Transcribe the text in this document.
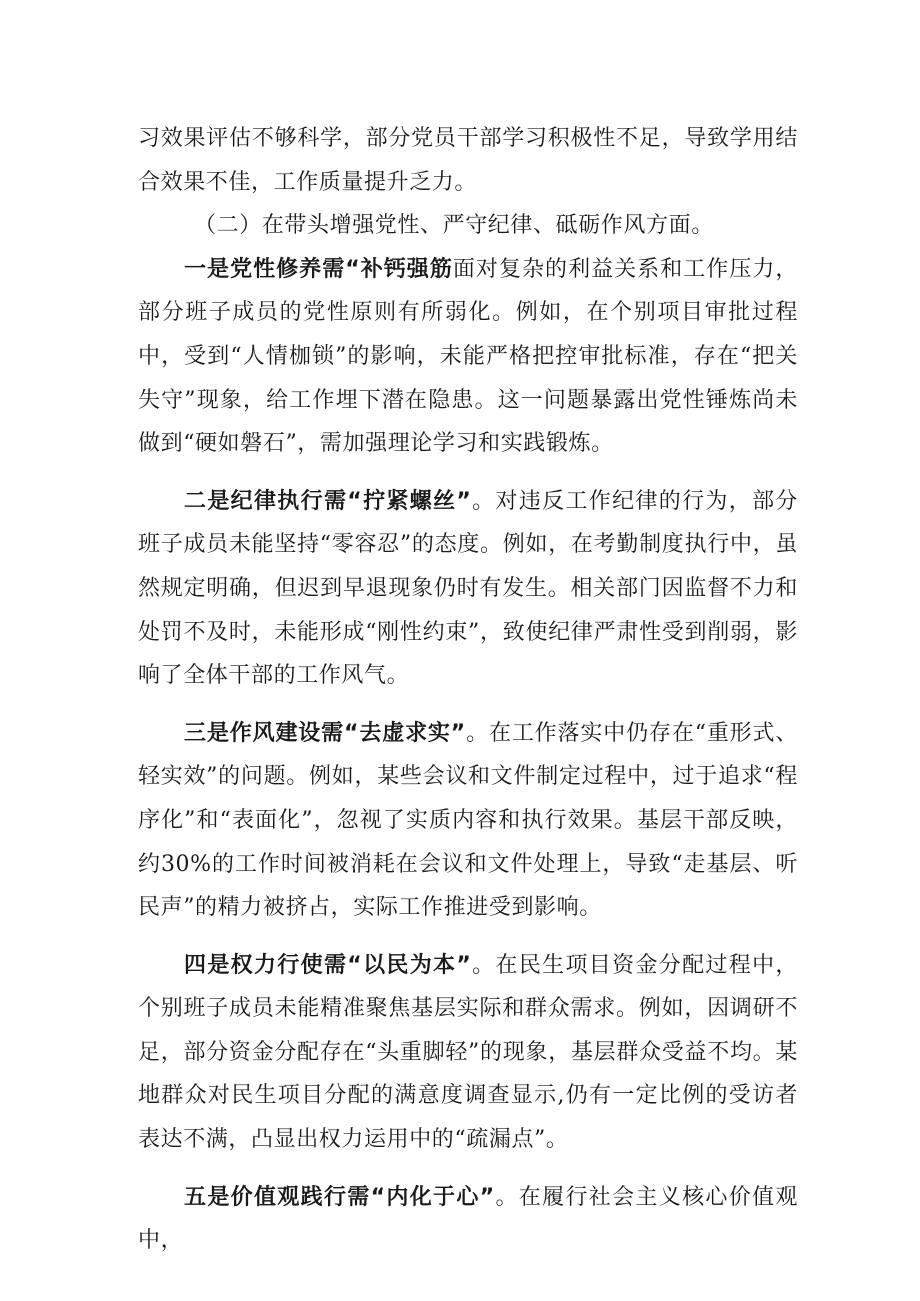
习效果评估不够科学，部分党员干部学习积极性不足，导致学用结合效果不佳，工作质量提升乏力。

（二）在带头增强党性、严守纪律、砥砺作风方面。

一是党性修养需“补钙强筋面对复杂的利益关系和工作压力，部分班子成员的党性原则有所弱化。例如，在个别项目审批过程中，受到“人情枷锁”的影响，未能严格把控审批标准，存在“把关失守”现象，给工作埋下潜在隐患。这一问题暴露出党性锤炼尚未做到“硬如磐石”，需加强理论学习和实践锻炼。

二是纪律执行需“拧紧螺丝”。对违反工作纪律的行为，部分班子成员未能坚持“零容忍”的态度。例如，在考勤制度执行中，虽然规定明确，但迟到早退现象仍时有发生。相关部门因监督不力和处罚不及时，未能形成“刚性约束”，致使纪律严肃性受到削弱，影响了全体干部的工作风气。

三是作风建设需“去虚求实”。在工作落实中仍存在“重形式、轻实效”的问题。例如，某些会议和文件制定过程中，过于追求“程序化”和“表面化”，忽视了实质内容和执行效果。基层干部反映，约30%的工作时间被消耗在会议和文件处理上，导致“走基层、听民声”的精力被挤占，实际工作推进受到影响。

四是权力行使需“以民为本”。在民生项目资金分配过程中，个别班子成员未能精准聚焦基层实际和群众需求。例如，因调研不足，部分资金分配存在“头重脚轻”的现象，基层群众受益不均。某地群众对民生项目分配的满意度调查显示,仍有一定比例的受访者表达不满，凸显出权力运用中的“疏漏点”。

五是价值观践行需“内化于心”。在履行社会主义核心价值观中，
